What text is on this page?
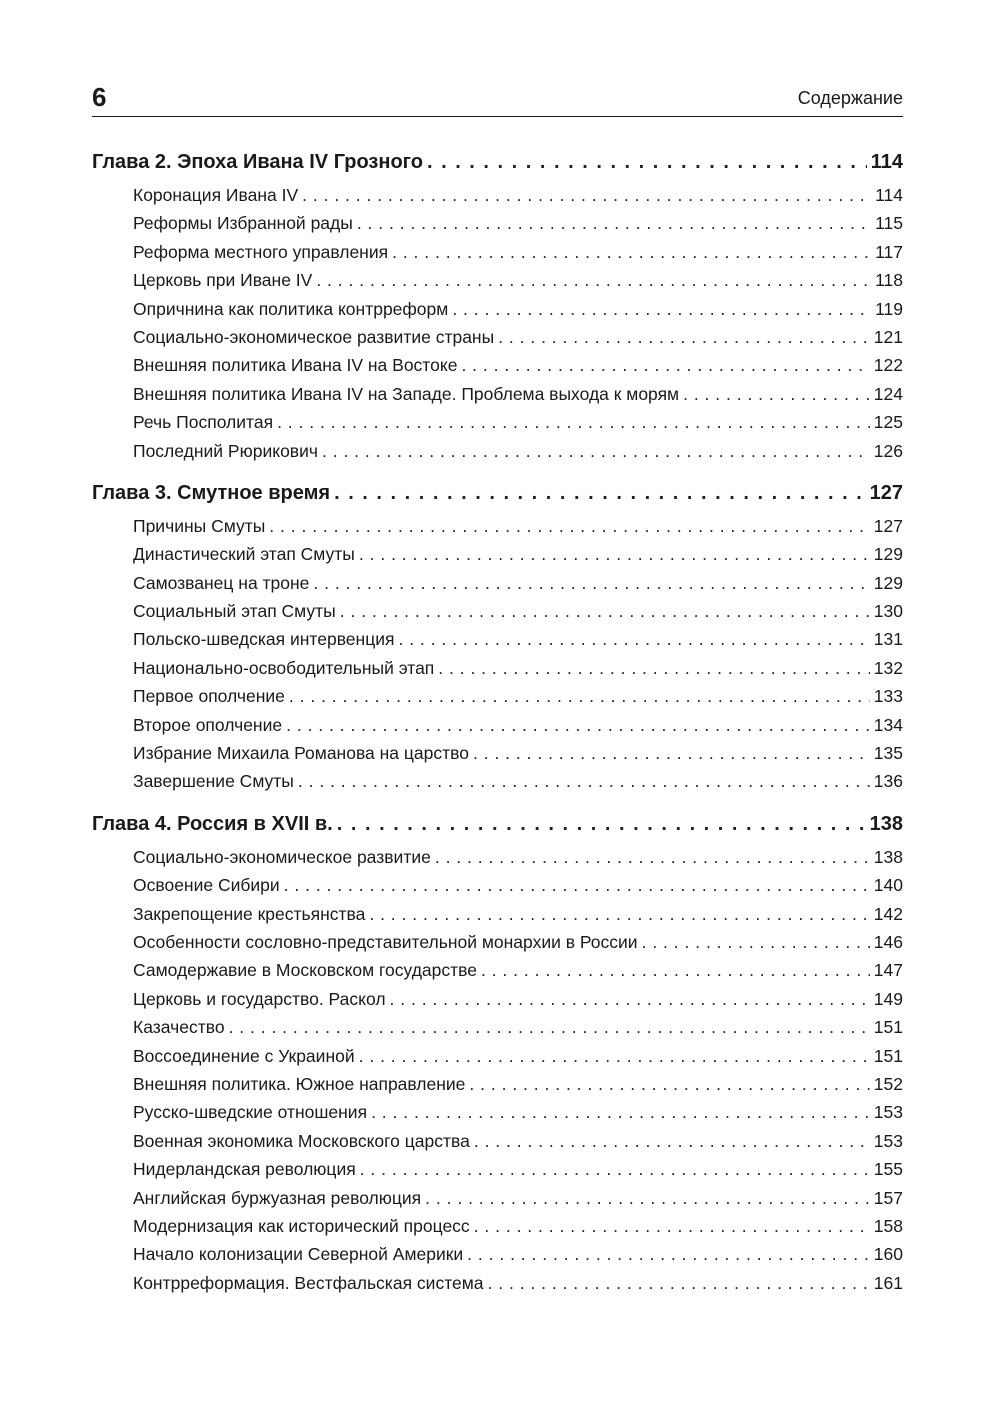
6	Содержание
Глава 2. Эпоха Ивана IV Грозного . . .	114
Коронация Ивана IV . . .	114
Реформы Избранной рады . . .	115
Реформа местного управления . . .	117
Церковь при Иване IV . . .	118
Опричнина как политика контрреформ . . .	119
Социально-экономическое развитие страны . . .	121
Внешняя политика Ивана IV на Востоке . . .	122
Внешняя политика Ивана IV на Западе. Проблема выхода к морям . . .	124
Речь Посполитая . . .	125
Последний Рюрикович . . .	126
Глава 3. Смутное время . . .	127
Причины Смуты . . .	127
Династический этап Смуты . . .	129
Самозванец на троне . . .	129
Социальный этап Смуты . . .	130
Польско-шведская интервенция . . .	131
Национально-освободительный этап . . .	132
Первое ополчение . . .	133
Второе ополчение . . .	134
Избрание Михаила Романова на царство . . .	135
Завершение Смуты . . .	136
Глава 4. Россия в XVII в. . . .	138
Социально-экономическое развитие . . .	138
Освоение Сибири . . .	140
Закрепощение крестьянства . . .	142
Особенности сословно-представительной монархии в России . . .	146
Самодержавие в Московском государстве . . .	147
Церковь и государство. Раскол . . .	149
Казачество . . .	151
Воссоединение с Украиной . . .	151
Внешняя политика. Южное направление . . .	152
Русско-шведские отношения . . .	153
Военная экономика Московского царства . . .	153
Нидерландская революция . . .	155
Английская буржуазная революция . . .	157
Модернизация как исторический процесс . . .	158
Начало колонизации Северной Америки . . .	160
Контрреформация. Вестфальская система . . .	161
